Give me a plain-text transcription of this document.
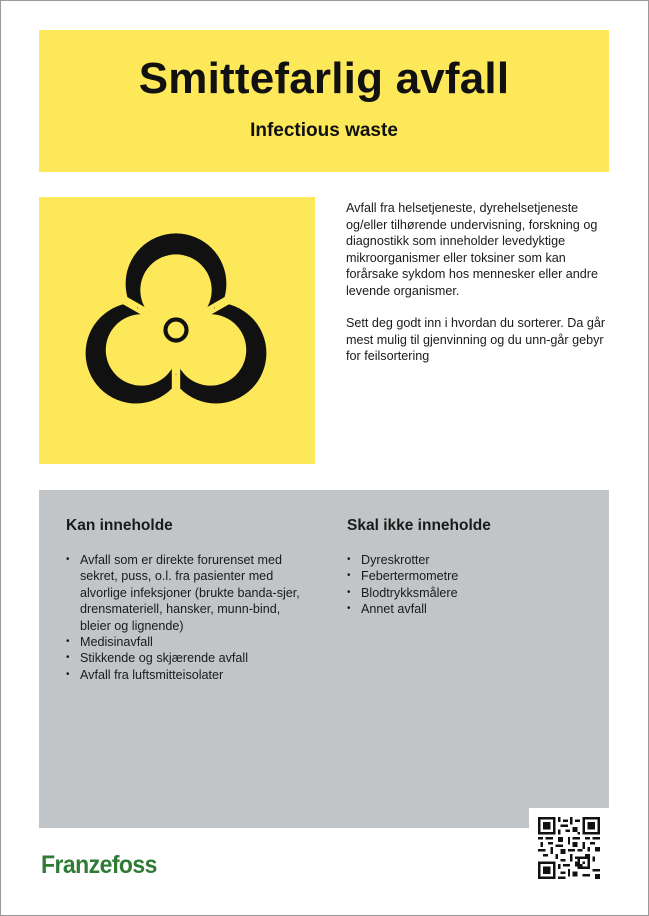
Smittefarlig avfall
Infectious waste

Avfall fra helsetjeneste, dyrehelsetjeneste og/eller tilhørende undervisning, forskning og diagnostikk som inneholder levedyktige mikroorganismer eller toksiner som kan forårsake sykdom hos mennesker eller andre levende organismer.

Sett deg godt inn i hvordan du sorterer. Da går mest mulig til gjenvinning og du unn-går gebyr for feilsortering

Kan inneholde
• Avfall som er direkte forurenset med sekret, puss, o.l. fra pasienter med alvorlige infeksjoner (brukte banda-sjer, drensmateriell, hansker, munn-bind, bleier og lignende)
• Medisinavfall
• Stikkende og skjærende avfall
• Avfall fra luftsmitteisolater
Skal ikke inneholde
• Dyreskrotter
• Febertermometre
• Blodtrykksmålere
• Annet avfall
Franzefoss
